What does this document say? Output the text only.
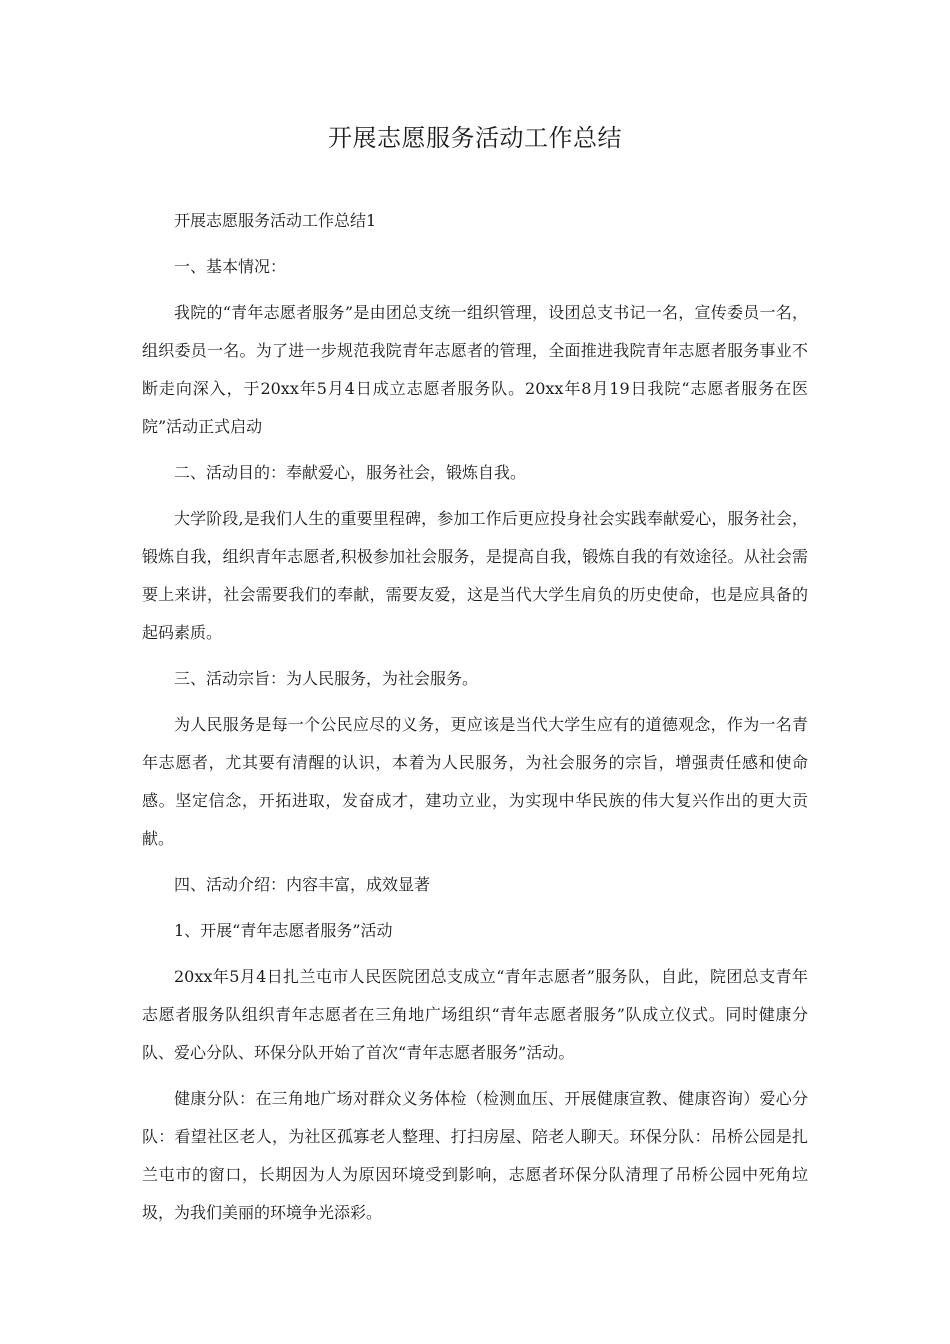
开展志愿服务活动工作总结

开展志愿服务活动工作总结1

一、基本情况：

我院的“青年志愿者服务”是由团总支统一组织管理，设团总支书记一名，宣传委员一名，组织委员一名。为了进一步规范我院青年志愿者的管理，全面推进我院青年志愿者服务事业不断走向深入，于20xx年5月4日成立志愿者服务队。20xx年8月19日我院“志愿者服务在医院”活动正式启动

二、活动目的：奉献爱心，服务社会，锻炼自我。

大学阶段,是我们人生的重要里程碑，参加工作后更应投身社会实践奉献爱心，服务社会，锻炼自我，组织青年志愿者,积极参加社会服务，是提高自我，锻炼自我的有效途径。从社会需要上来讲，社会需要我们的奉献，需要友爱，这是当代大学生肩负的历史使命，也是应具备的起码素质。

三、活动宗旨：为人民服务，为社会服务。

为人民服务是每一个公民应尽的义务，更应该是当代大学生应有的道德观念，作为一名青年志愿者，尤其要有清醒的认识，本着为人民服务，为社会服务的宗旨，增强责任感和使命感。坚定信念，开拓进取，发奋成才，建功立业，为实现中华民族的伟大复兴作出的更大贡献。

四、活动介绍：内容丰富，成效显著

1、开展“青年志愿者服务”活动

20xx年5月4日扎兰屯市人民医院团总支成立“青年志愿者”服务队，自此，院团总支青年志愿者服务队组织青年志愿者在三角地广场组织“青年志愿者服务”队成立仪式。同时健康分队、爱心分队、环保分队开始了首次“青年志愿者服务”活动。

健康分队：在三角地广场对群众义务体检（检测血压、开展健康宣教、健康咨询）爱心分队：看望社区老人，为社区孤寡老人整理、打扫房屋、陪老人聊天。环保分队：吊桥公园是扎兰屯市的窗口，长期因为人为原因环境受到影响，志愿者环保分队清理了吊桥公园中死角垃圾，为我们美丽的环境争光添彩。
